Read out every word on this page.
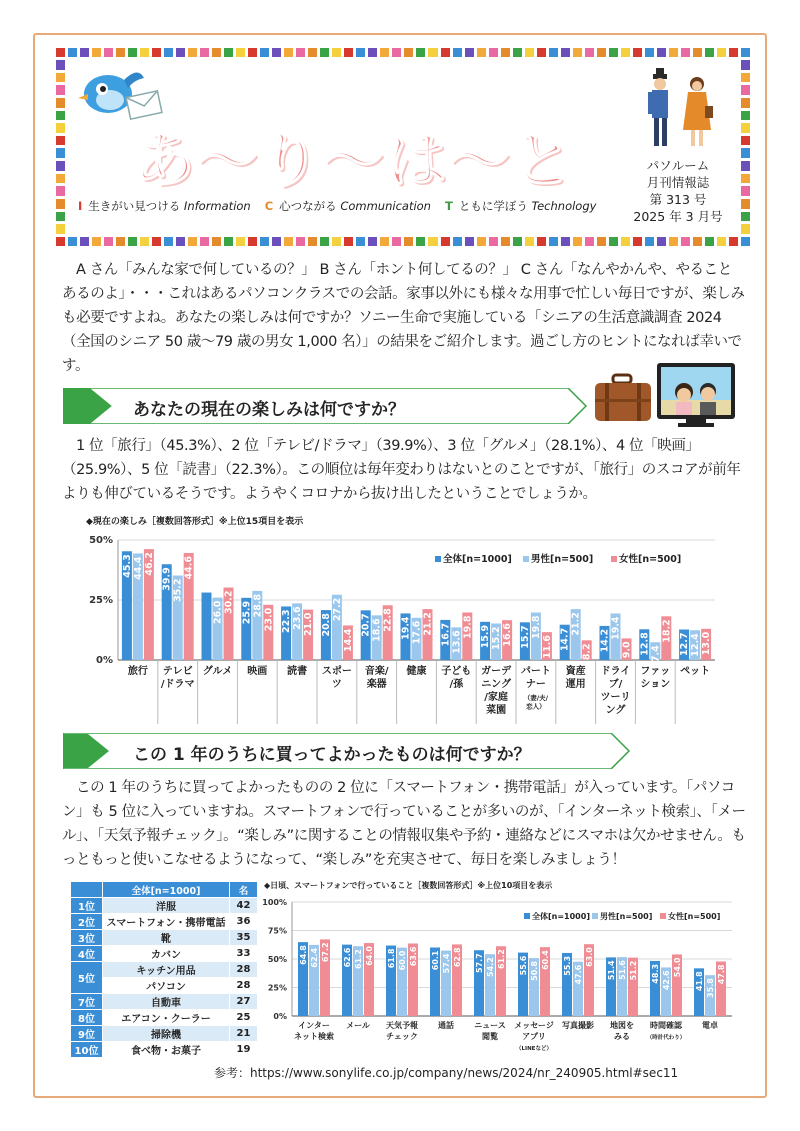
あ〜り〜は〜と
I 生きがい見つける Information C 心つながる Communication T ともに学ぼう Technology
パソルーム
月刊情報誌
第 313 号
2025 年 3 月号
A さん「みんな家で何しているの？」 B さん「ホント何してるの？」 C さん「なんやかんや、やること あるのよ」・・・これはあるパソコンクラスでの会話。家事以外にも様々な用事で忙しい毎日ですが、楽しみも必要ですよね。あなたの楽しみは何ですか？ソニー生命で実施している「シニアの生活意識調査 2024（全国のシニア 50 歳〜79 歳の男女 1,000 名）」の結果をご紹介します。過ごし方のヒントになれば幸いです。
あなたの現在の楽しみは何ですか？
1 位「旅行」（45.3%）、2 位「テレビ/ドラマ」（39.9%）、3 位「グルメ」（28.1%）、4 位「映画」（25.9%）、5 位「読書」（22.3%）。この順位は毎年変わりはないとのことですが、「旅行」のスコアが前年よりも伸びているそうです。ようやくコロナから抜け出したということでしょうか。
◆現在の楽しみ［複数回答形式］※上位15項目を表示
0%
25%
50%
45.3 44.4 46.2
旅行
39.9 35.2
44.6
テレビ
/ドラマ
26.0 30.2
グルメ
25.9 28.8
23.0
映画
22.3 23.6 21.0
読書
20.8
27.2
14.4
スポー
ツ
20.7 18.6 22.8
音楽/
楽器
19.4 17.6 21.2
健康
16.7 13.6
19.8
子ども
/孫
15.9 15.2 16.6
ガーデ
ニング
/家庭
菜園
15.7 19.8
11.6
パート
ナー
（妻/夫/
恋人）
14.7
21.2
8.2
資産
運用
14.2
19.4
9.0
ドライ
ブ/
ツーリ
ング
12.8 7.4
18.2
ファッ
ション
12.7 12.4 13.0
ペット
全体[n=1000] 男性[n=500]	女性[n=500]
この 1 年のうちに買ってよかったものは何ですか？
この 1 年のうちに買ってよかったものの 2 位に「スマートフォン・携帯電話」が入っています。「パソコン」も 5 位に入っていますね。スマートフォンで行っていることが多いのが、「インターネット検索」、「メール」、「天気予報チェック」。“楽しみ”に関することの情報収集や予約・連絡などにスマホは欠かせません。もっともっと使いこなせるようになって、“楽しみ”を充実させて、毎日を楽しみましょう！
	全体[n=1000]	名
1位	洋服	42
2位	スマートフォン・携帯電話	36
3位	靴	35
4位	カバン	33
5位	キッチン用品	28
	パソコン	28
7位	自動車	27
8位	エアコン・クーラー	25
9位	掃除機	21
10位	食べ物・お菓子	19
◆日頃、スマートフォンで行っていること［複数回答形式］※上位10項目を表示
0%
25%
50%
75%
100%
64.8 62.4 67.2
インター
ネット検索
62.6 61.2 64.0
メール
61.8 60.0 63.6
天気予報
チェック
60.1 57.4 62.8
通話
57.7 54.2 61.2
ニュース
閲覧
55.6 50.8
60.4
メッセージ
アプリ
（LINEなど）
55.3 47.6
63.0
写真撮影
51.4 51.6 51.2
地図を
みる
48.3 42.6
54.0
時間確認
（時計代わり）
41.8 35.8
47.8
電卓
全体[n=1000] 男性[n=500] 女性[n=500]
参考：https://www.sonylife.co.jp/company/news/2024/nr_240905.html#sec11
